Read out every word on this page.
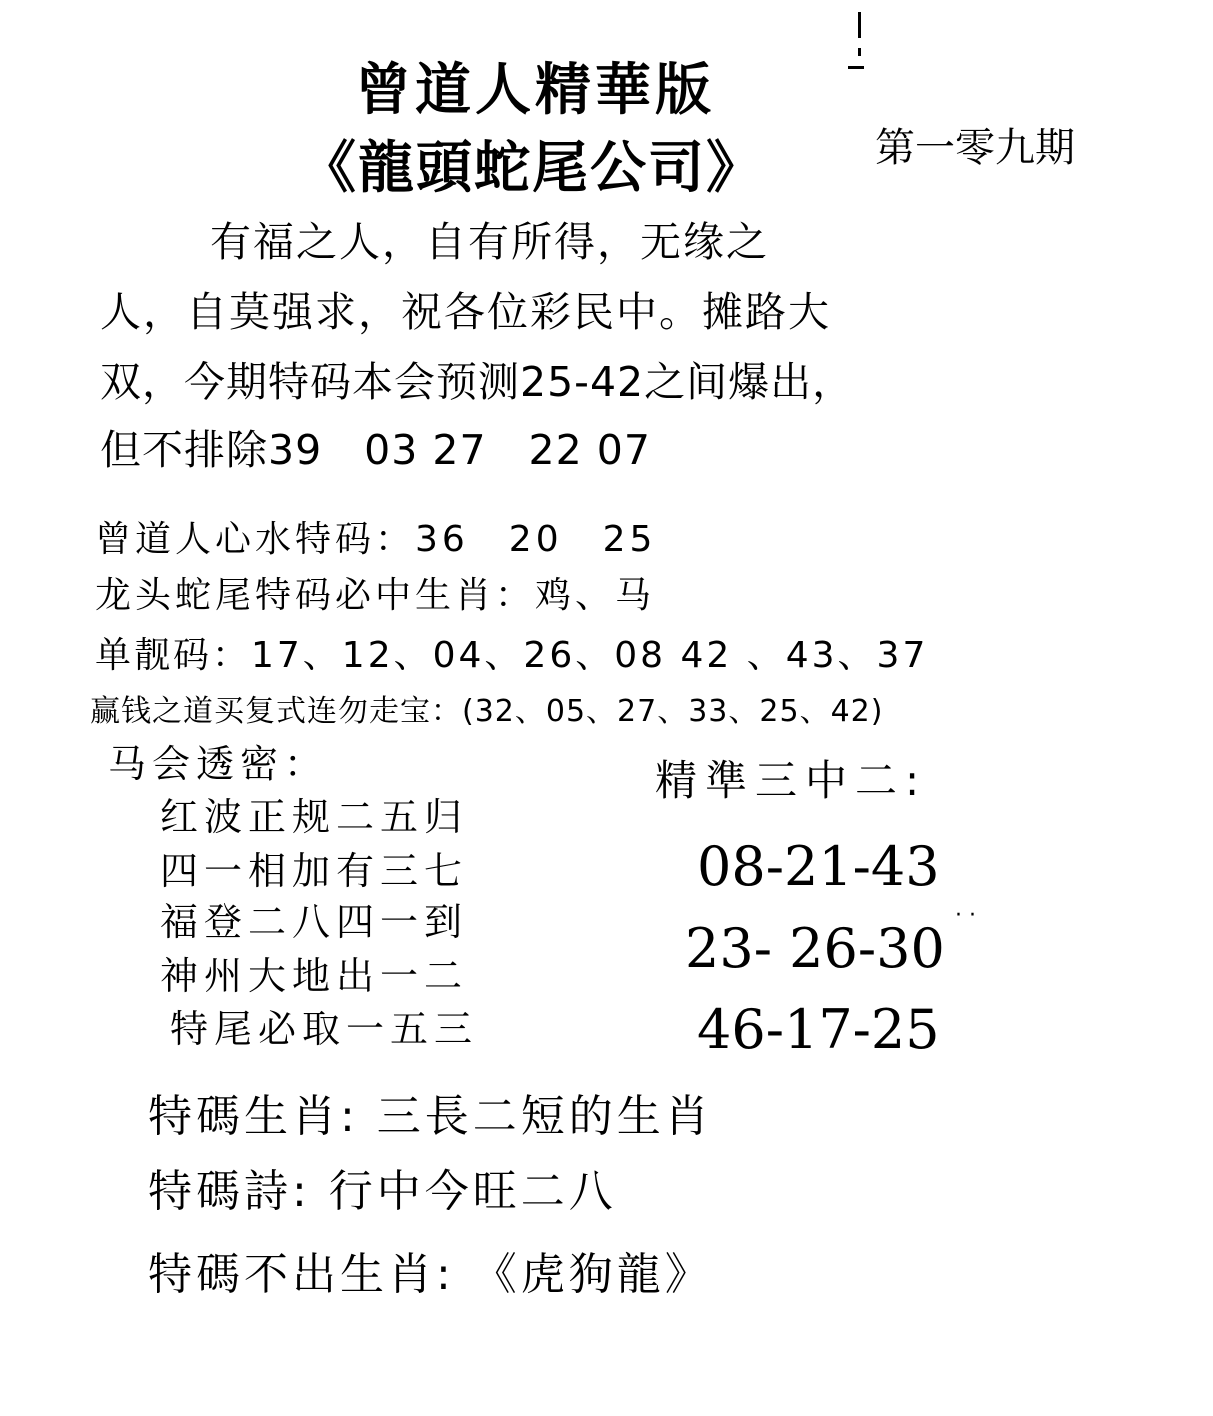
曾道人精華版
《龍頭蛇尾公司》	第一零九期
有福之人，自有所得，无缘之
人，自莫强求，祝各位彩民中。摊路大
双，今期特码本会预测25-42之间爆出，
但不排除39　03 27　22 07
曾道人心水特码：36　20　25
龙头蛇尾特码必中生肖：鸡、马
单靓码：17、12、04、26、08 42 、43、37
赢钱之道买复式连勿走宝：(32、05、27、33、25、42)
马会透密：
红波正规二五归
四一相加有三七
福登二八四一到
神州大地出一二
特尾必取一五三
精準三中二:
08-21-43
23- 26-30
46-17-25
· ·
特碼生肖: 三長二短的生肖
特碼詩: 行中今旺二八
特碼不出生肖: 《虎狗龍》
